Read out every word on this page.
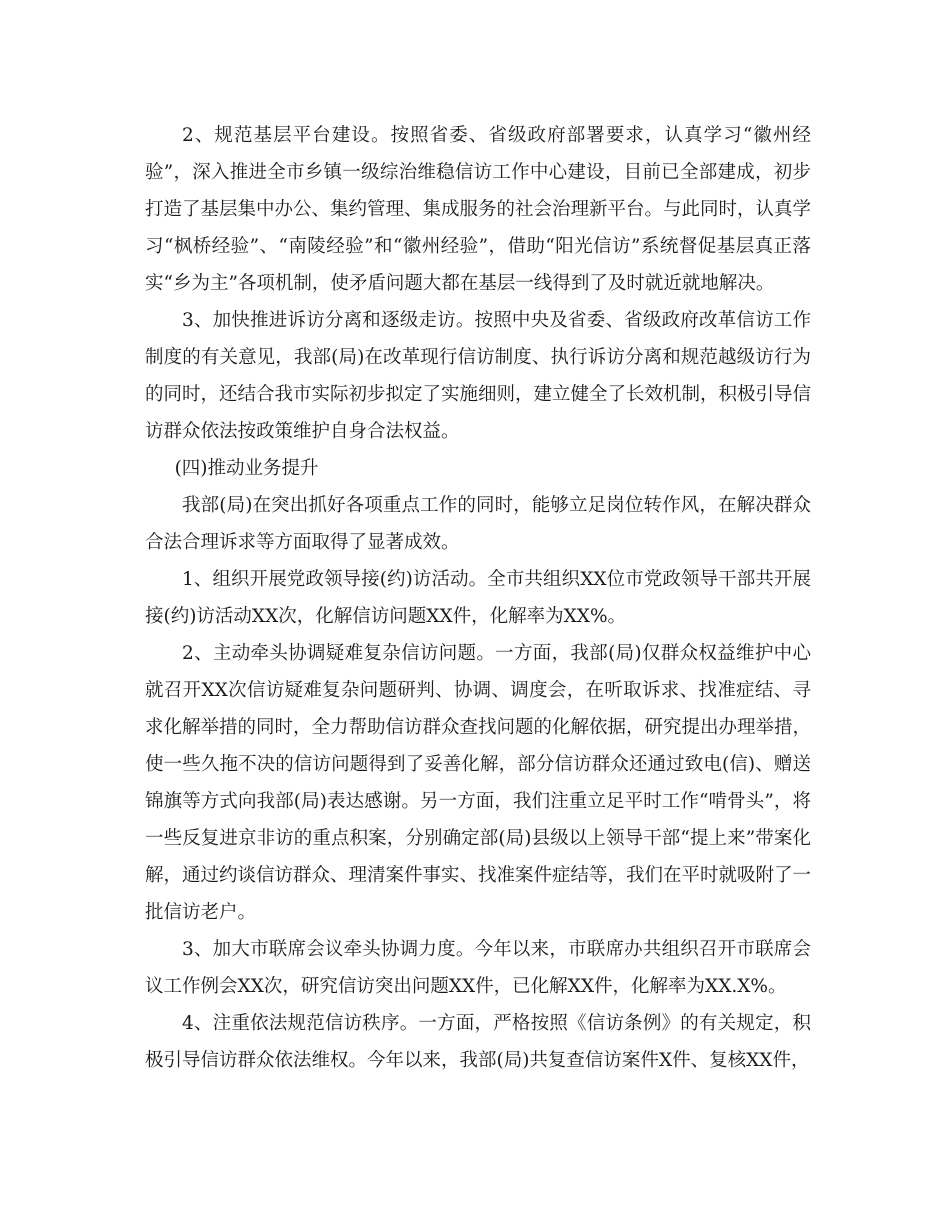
2、规范基层平台建设。按照省委、省级政府部署要求，认真学习“徽州经验”，深入推进全市乡镇一级综治维稳信访工作中心建设，目前已全部建成，初步打造了基层集中办公、集约管理、集成服务的社会治理新平台。与此同时，认真学习“枫桥经验”、“南陵经验”和“徽州经验”，借助“阳光信访”系统督促基层真正落实“乡为主”各项机制，使矛盾问题大都在基层一线得到了及时就近就地解决。

3、加快推进诉访分离和逐级走访。按照中央及省委、省级政府改革信访工作制度的有关意见，我部(局)在改革现行信访制度、执行诉访分离和规范越级访行为的同时，还结合我市实际初步拟定了实施细则，建立健全了长效机制，积极引导信访群众依法按政策维护自身合法权益。

(四)推动业务提升

我部(局)在突出抓好各项重点工作的同时，能够立足岗位转作风，在解决群众合法合理诉求等方面取得了显著成效。

1、组织开展党政领导接(约)访活动。全市共组织XX位市党政领导干部共开展接(约)访活动XX次，化解信访问题XX件，化解率为XX%。

2、主动牵头协调疑难复杂信访问题。一方面，我部(局)仅群众权益维护中心就召开XX次信访疑难复杂问题研判、协调、调度会，在听取诉求、找准症结、寻求化解举措的同时，全力帮助信访群众查找问题的化解依据，研究提出办理举措，使一些久拖不决的信访问题得到了妥善化解，部分信访群众还通过致电(信)、赠送锦旗等方式向我部(局)表达感谢。另一方面，我们注重立足平时工作“啃骨头”，将一些反复进京非访的重点积案，分别确定部(局)县级以上领导干部“提上来”带案化解，通过约谈信访群众、理清案件事实、找准案件症结等，我们在平时就吸附了一批信访老户。

3、加大市联席会议牵头协调力度。今年以来，市联席办共组织召开市联席会议工作例会XX次，研究信访突出问题XX件，已化解XX件，化解率为XX.X%。

4、注重依法规范信访秩序。一方面，严格按照《信访条例》的有关规定，积极引导信访群众依法维权。今年以来，我部(局)共复查信访案件X件、复核XX件，
